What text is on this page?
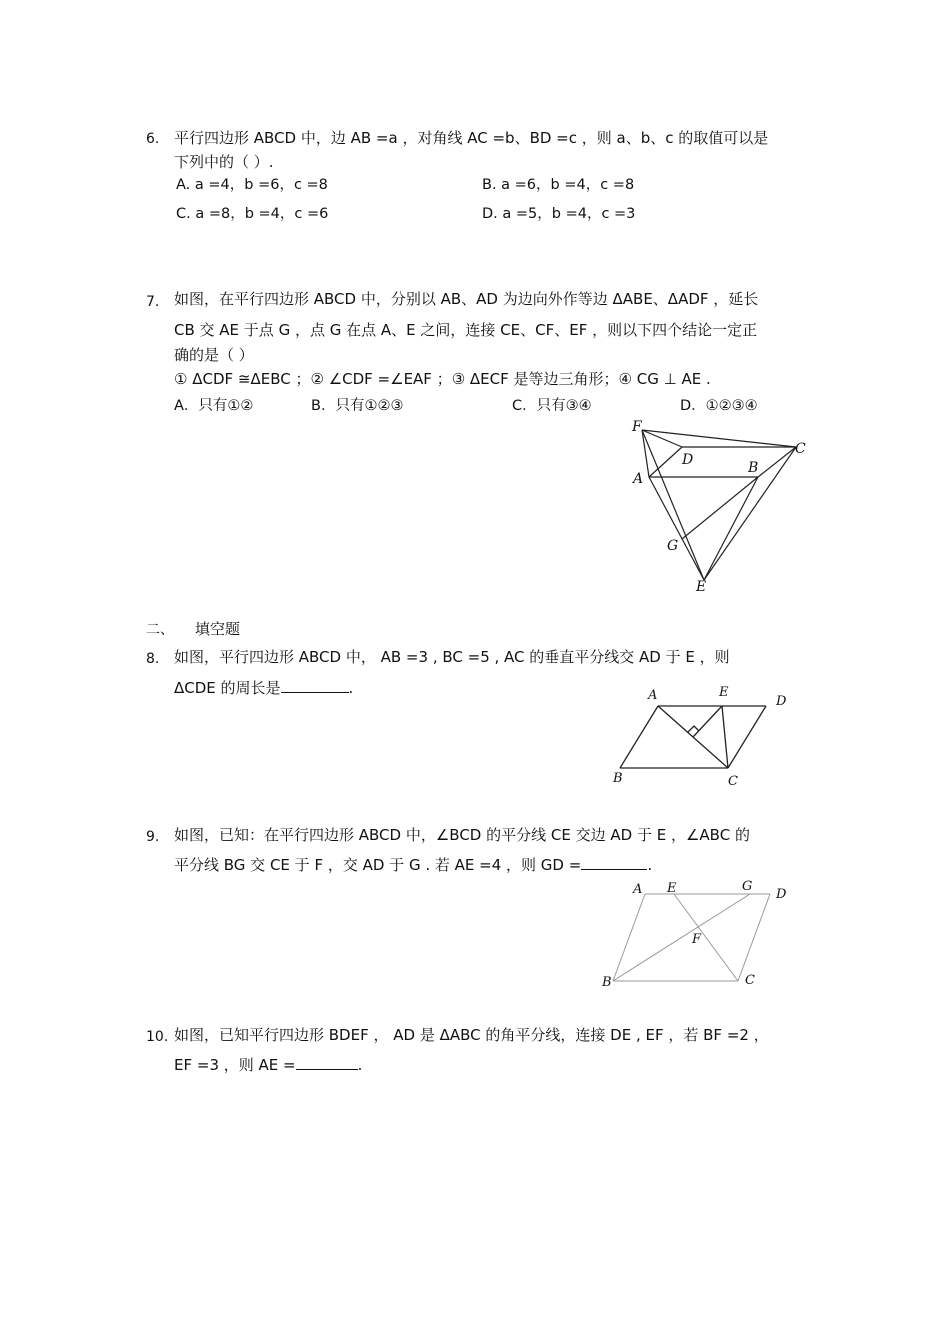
6. 平行四边形 ABCD 中，边 AB =a ，对角线 AC =b、BD =c ，则 a、b、c 的取值可以是
下列中的（ ）.
A. a =4，b =6，c =8	B. a =6，b =4，c =8
C. a =8，b =4，c =6	D. a =5，b =4，c =3
7. 如图，在平行四边形 ABCD 中，分别以 AB、AD 为边向外作等边 ΔABE、ΔADF ，延长
CB 交 AE 于点 G ，点 G 在点 A、E 之间，连接 CE、CF、EF ，则以下四个结论一定正
确的是（ ）
① ΔCDF ≅ΔEBC ；② ∠CDF =∠EAF ；③ ΔECF 是等边三角形；④ CG ⊥ AE .
A．只有①②	B．只有①②③	C．只有③④	D．①②③④
F
D
C
A
B
G
E
二、 填空题
8. 如图，平行四边形 ABCD 中， AB =3 , BC =5 , AC 的垂直平分线交 AD 于 E ，则
ΔCDE 的周长是	.	A	E
D
B	C
9. 如图，已知：在平行四边形 ABCD 中，∠BCD 的平分线 CE 交边 AD 于 E ，∠ABC 的
平分线 BG 交 CE 于 F ，交 AD 于 G . 若 AE =4 ，则 GD =	.
A E	G
D
F
B	C
10. 如图，已知平行四边形 BDEF ， AD 是 ΔABC 的角平分线，连接 DE , EF ，若 BF =2 ，
EF =3 ，则 AE =	.
